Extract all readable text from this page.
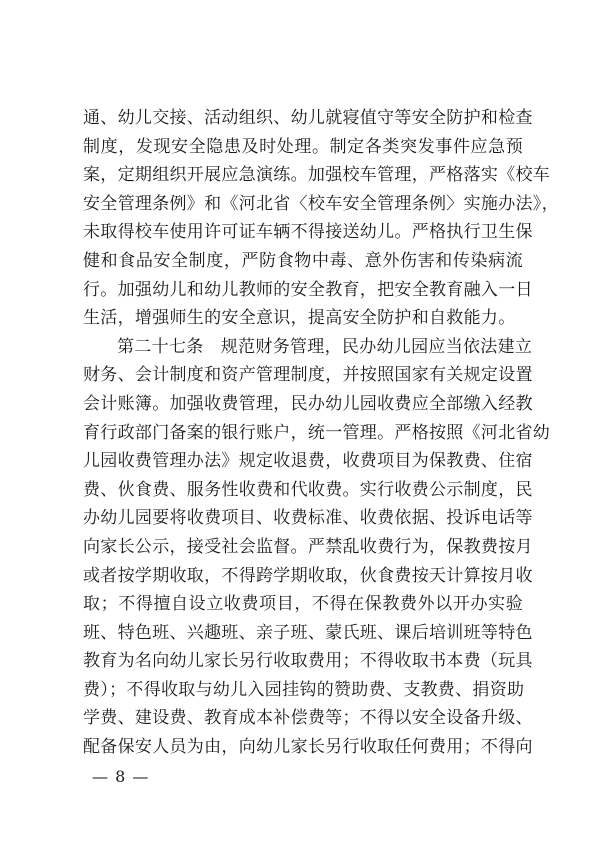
通、幼儿交接、活动组织、幼儿就寝值守等安全防护和检查
制度，发现安全隐患及时处理。制定各类突发事件应急预
案，定期组织开展应急演练。加强校车管理，严格落实《校车
安全管理条例》和《河北省〈校车安全管理条例〉实施办法》，
未取得校车使用许可证车辆不得接送幼儿。严格执行卫生保
健和食品安全制度，严防食物中毒、意外伤害和传染病流
行。加强幼儿和幼儿教师的安全教育，把安全教育融入一日
生活，增强师生的安全意识，提高安全防护和自救能力。
第二十七条　规范财务管理，民办幼儿园应当依法建立
财务、会计制度和资产管理制度，并按照国家有关规定设置
会计账簿。加强收费管理，民办幼儿园收费应全部缴入经教
育行政部门备案的银行账户，统一管理。严格按照《河北省幼
儿园收费管理办法》规定收退费，收费项目为保教费、住宿
费、伙食费、服务性收费和代收费。实行收费公示制度，民
办幼儿园要将收费项目、收费标准、收费依据、投诉电话等
向家长公示，接受社会监督。严禁乱收费行为，保教费按月
或者按学期收取，不得跨学期收取，伙食费按天计算按月收
取；不得擅自设立收费项目，不得在保教费外以开办实验
班、特色班、兴趣班、亲子班、蒙氏班、课后培训班等特色
教育为名向幼儿家长另行收取费用；不得收取书本费（玩具
费）；不得收取与幼儿入园挂钩的赞助费、支教费、捐资助
学费、建设费、教育成本补偿费等；不得以安全设备升级、
配备保安人员为由，向幼儿家长另行收取任何费用；不得向
— 8 —
